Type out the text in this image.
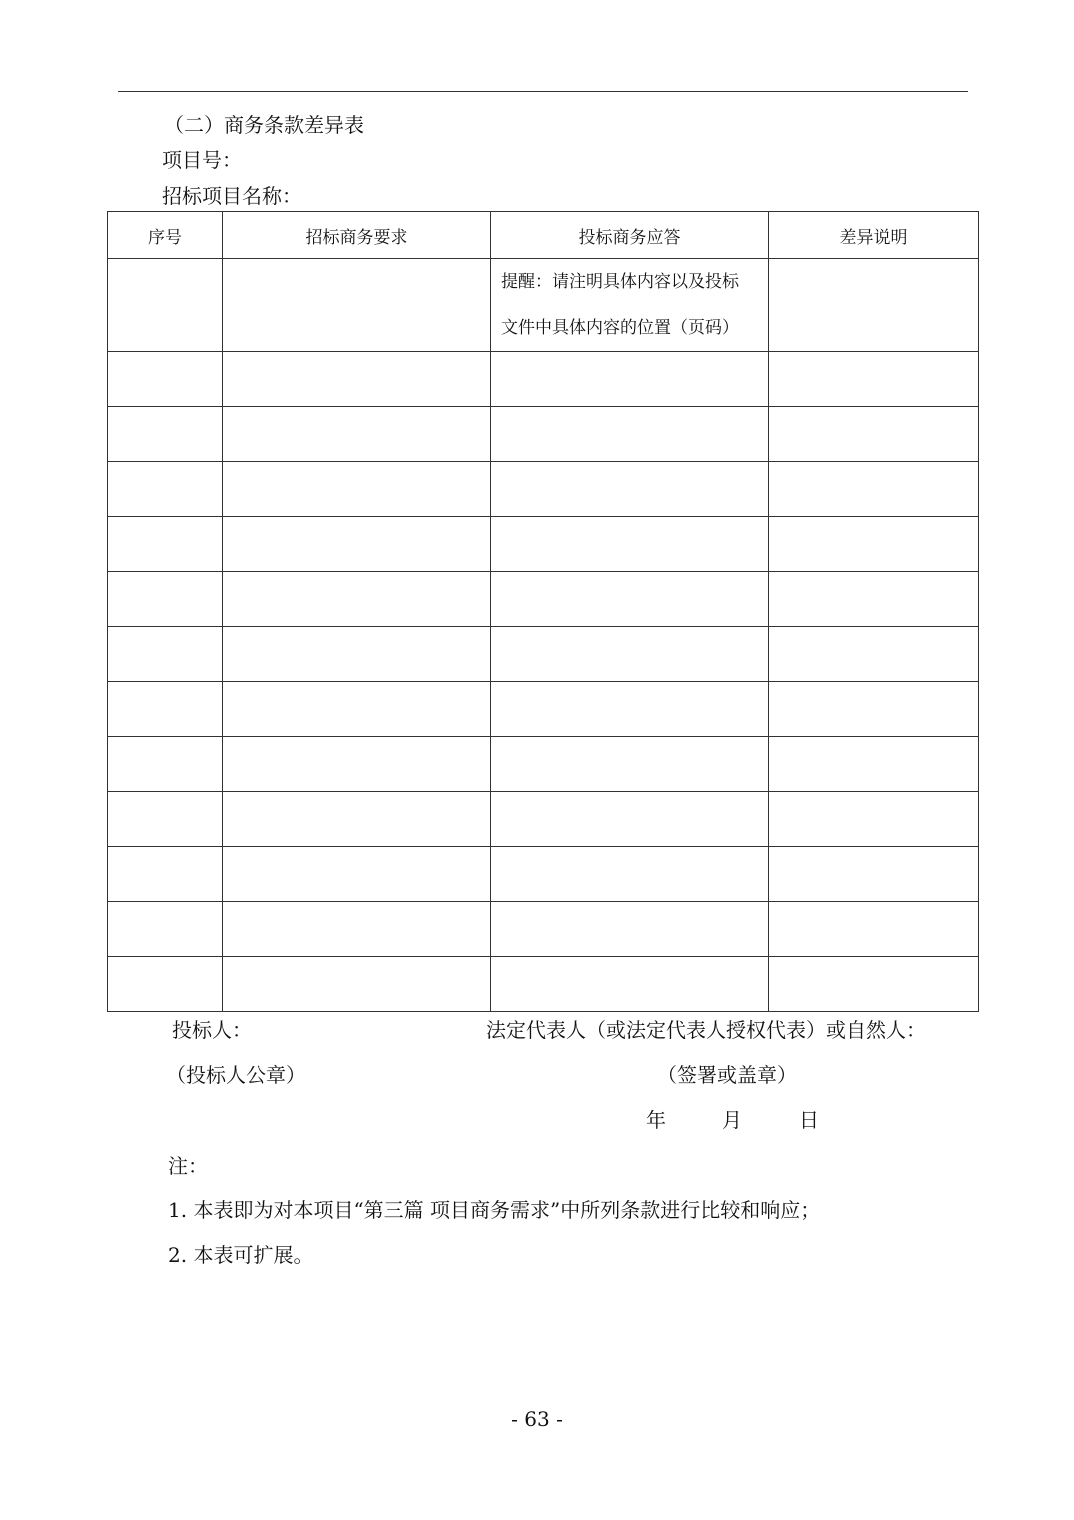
（二）商务条款差异表
项目号：
招标项目名称：
序号	招标商务要求	投标商务应答	差异说明

		提醒：请注明具体内容以及投标
文件中具体内容的位置（页码）	

投标人：	法定代表人（或法定代表人授权代表）或自然人：
（投标人公章）	（签署或盖章）
年	月	日
注：
1. 本表即为对本项目“第三篇 项目商务需求”中所列条款进行比较和响应；
2. 本表可扩展。
- 63 -
